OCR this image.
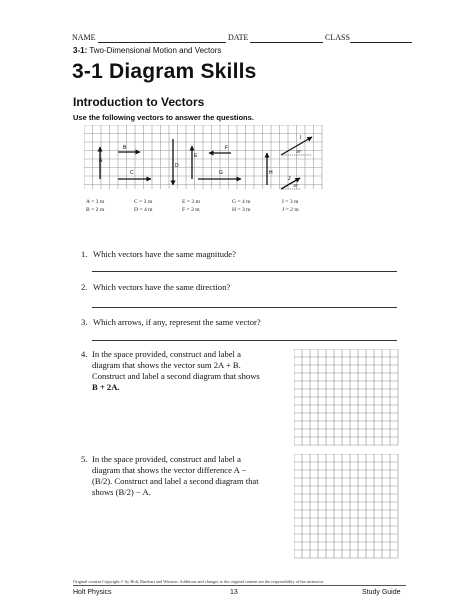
NAME	DATE	CLASS
3-1: Two-Dimensional Motion and Vectors
3-1 Diagram Skills
Introduction to Vectors
Use the following vectors to answer the questions.
A
B
C
D
E
F
G	H
I
30°
J
30°
A = 3 m
B = 2 m
C = 3 m
D = 4 m
E = 3 m
F = 2 m
G = 4 m
H = 3 m
I = 3 m
J = 2 m
1. Which vectors have the same magnitude?
2. Which vectors have the same direction?
3. Which arrows, if any, represent the same vector?
4. In the space provided, construct and label a
diagram that shows the vector sum 2A + B.
Construct and label a second diagram that shows
B + 2A.
5. In the space provided, construct and label a
diagram that shows the vector difference A −
(B/2). Construct and label a second diagram that
shows (B/2) − A.
Original content Copyright © by Holt, Rinehart and Winston. Additions and changes to the original content are the responsibility of the instructor.
Holt Physics	13	Study Guide
